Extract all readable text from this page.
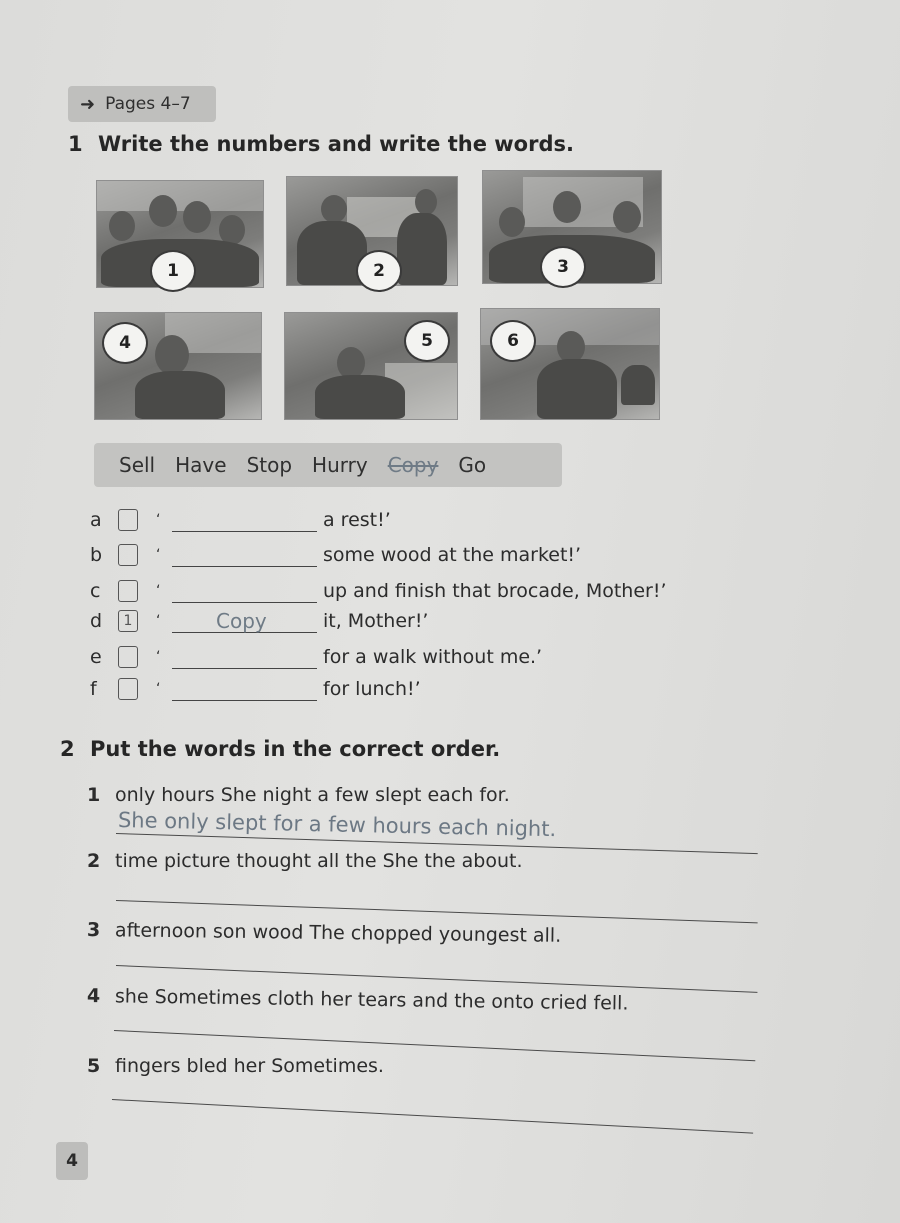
➜ Pages 4–7
1 Write the numbers and write the words.
1	2	3
4	5	6
Sell Have Stop Hurry Copy Go
a	‘	a rest!’
b	‘	some wood at the market!’
c	‘	up and finish that brocade, Mother!’
d	1	‘	Copy	it, Mother!’
e	‘	for a walk without me.’
f	‘	for lunch!’
2 Put the words in the correct order.
1 only hours She night a few slept each for.
She only slept for a few hours each night.
2 time picture thought all the She the about.
3 afternoon son wood The chopped youngest all.
4 she Sometimes cloth her tears and the onto cried fell.
5 fingers bled her Sometimes.
4
